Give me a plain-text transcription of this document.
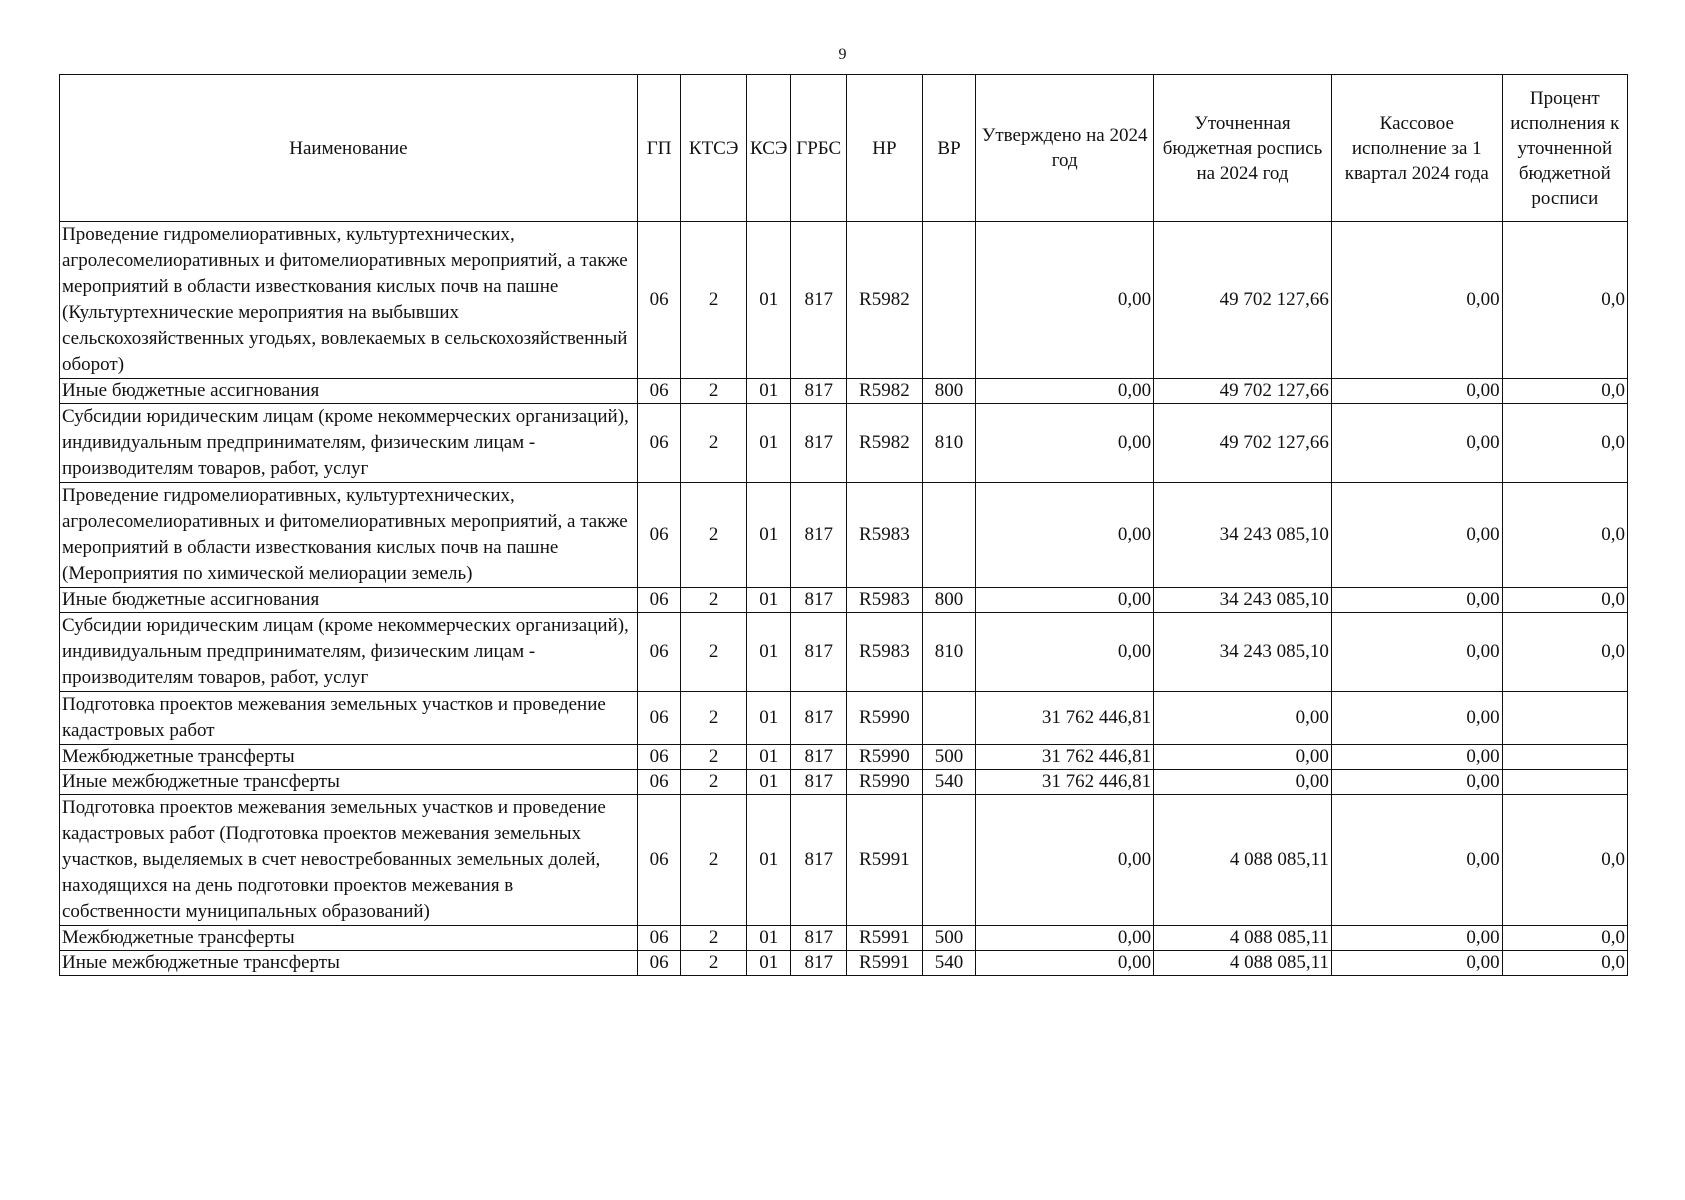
9
Наименование	ГП	КТСЭ	КСЭ	ГРБС	НР	ВР	Утверждено на 2024 год	Уточненная бюджетная роспись на 2024 год	Кассовое исполнение за 1 квартал 2024 года	Процент исполнения к уточненной бюджетной росписи
Проведение гидромелиоративных, культуртехнических, агролесомелиоративных и фитомелиоративных мероприятий, а также мероприятий в области известкования кислых почв на пашне (Культуртехнические мероприятия на выбывших сельскохозяйственных угодьях, вовлекаемых в сельскохозяйственный оборот)	06	2	01	817	R5982		0,00	49 702 127,66	0,00	0,0
Иные бюджетные ассигнования	06	2	01	817	R5982	800	0,00	49 702 127,66	0,00	0,0
Субсидии юридическим лицам (кроме некоммерческих организаций), индивидуальным предпринимателям, физическим лицам - производителям товаров, работ, услуг	06	2	01	817	R5982	810	0,00	49 702 127,66	0,00	0,0
Проведение гидромелиоративных, культуртехнических, агролесомелиоративных и фитомелиоративных мероприятий, а также мероприятий в области известкования кислых почв на пашне (Мероприятия по химической мелиорации земель)	06	2	01	817	R5983		0,00	34 243 085,10	0,00	0,0
Иные бюджетные ассигнования	06	2	01	817	R5983	800	0,00	34 243 085,10	0,00	0,0
Субсидии юридическим лицам (кроме некоммерческих организаций), индивидуальным предпринимателям, физическим лицам - производителям товаров, работ, услуг	06	2	01	817	R5983	810	0,00	34 243 085,10	0,00	0,0
Подготовка проектов межевания земельных участков и проведение кадастровых работ	06	2	01	817	R5990		31 762 446,81	0,00	0,00	
Межбюджетные трансферты	06	2	01	817	R5990	500	31 762 446,81	0,00	0,00	
Иные межбюджетные трансферты	06	2	01	817	R5990	540	31 762 446,81	0,00	0,00	
Подготовка проектов межевания земельных участков и проведение кадастровых работ (Подготовка проектов межевания земельных участков, выделяемых в счет невостребованных земельных долей, находящихся на день подготовки проектов межевания в собственности муниципальных образований)	06	2	01	817	R5991		0,00	4 088 085,11	0,00	0,0
Межбюджетные трансферты	06	2	01	817	R5991	500	0,00	4 088 085,11	0,00	0,0
Иные межбюджетные трансферты	06	2	01	817	R5991	540	0,00	4 088 085,11	0,00	0,0
